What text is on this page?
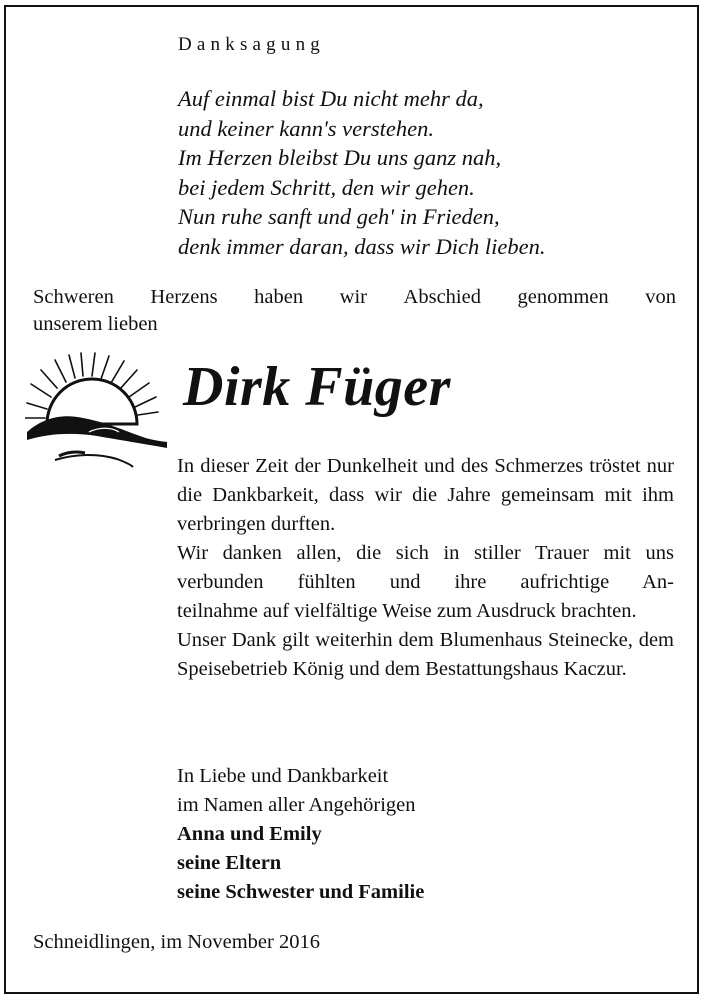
Danksagung
Auf einmal bist Du nicht mehr da,
und keiner kann's verstehen.
Im Herzen bleibst Du uns ganz nah,
bei jedem Schritt, den wir gehen.
Nun ruhe sanft und geh' in Frieden,
denk immer daran, dass wir Dich lieben.
Schweren Herzens haben wir Abschied genommen von
unserem lieben
Dirk Füger

In dieser Zeit der Dunkelheit und des Schmerzes tröstet nur die Dankbarkeit, dass wir die Jahre gemeinsam mit ihm verbringen durften.

Wir danken allen, die sich in stiller Trauer mit uns verbunden fühlten und ihre aufrichtige An-

teilnahme auf vielfältige Weise zum Ausdruck brachten.

Unser Dank gilt weiterhin dem Blumenhaus Steinecke, dem Speisebetrieb König und dem Bestattungshaus Kaczur.

In Liebe und Dankbarkeit
im Namen aller Angehörigen
Anna und Emily
seine Eltern
seine Schwester und Familie
Schneidlingen, im November 2016
